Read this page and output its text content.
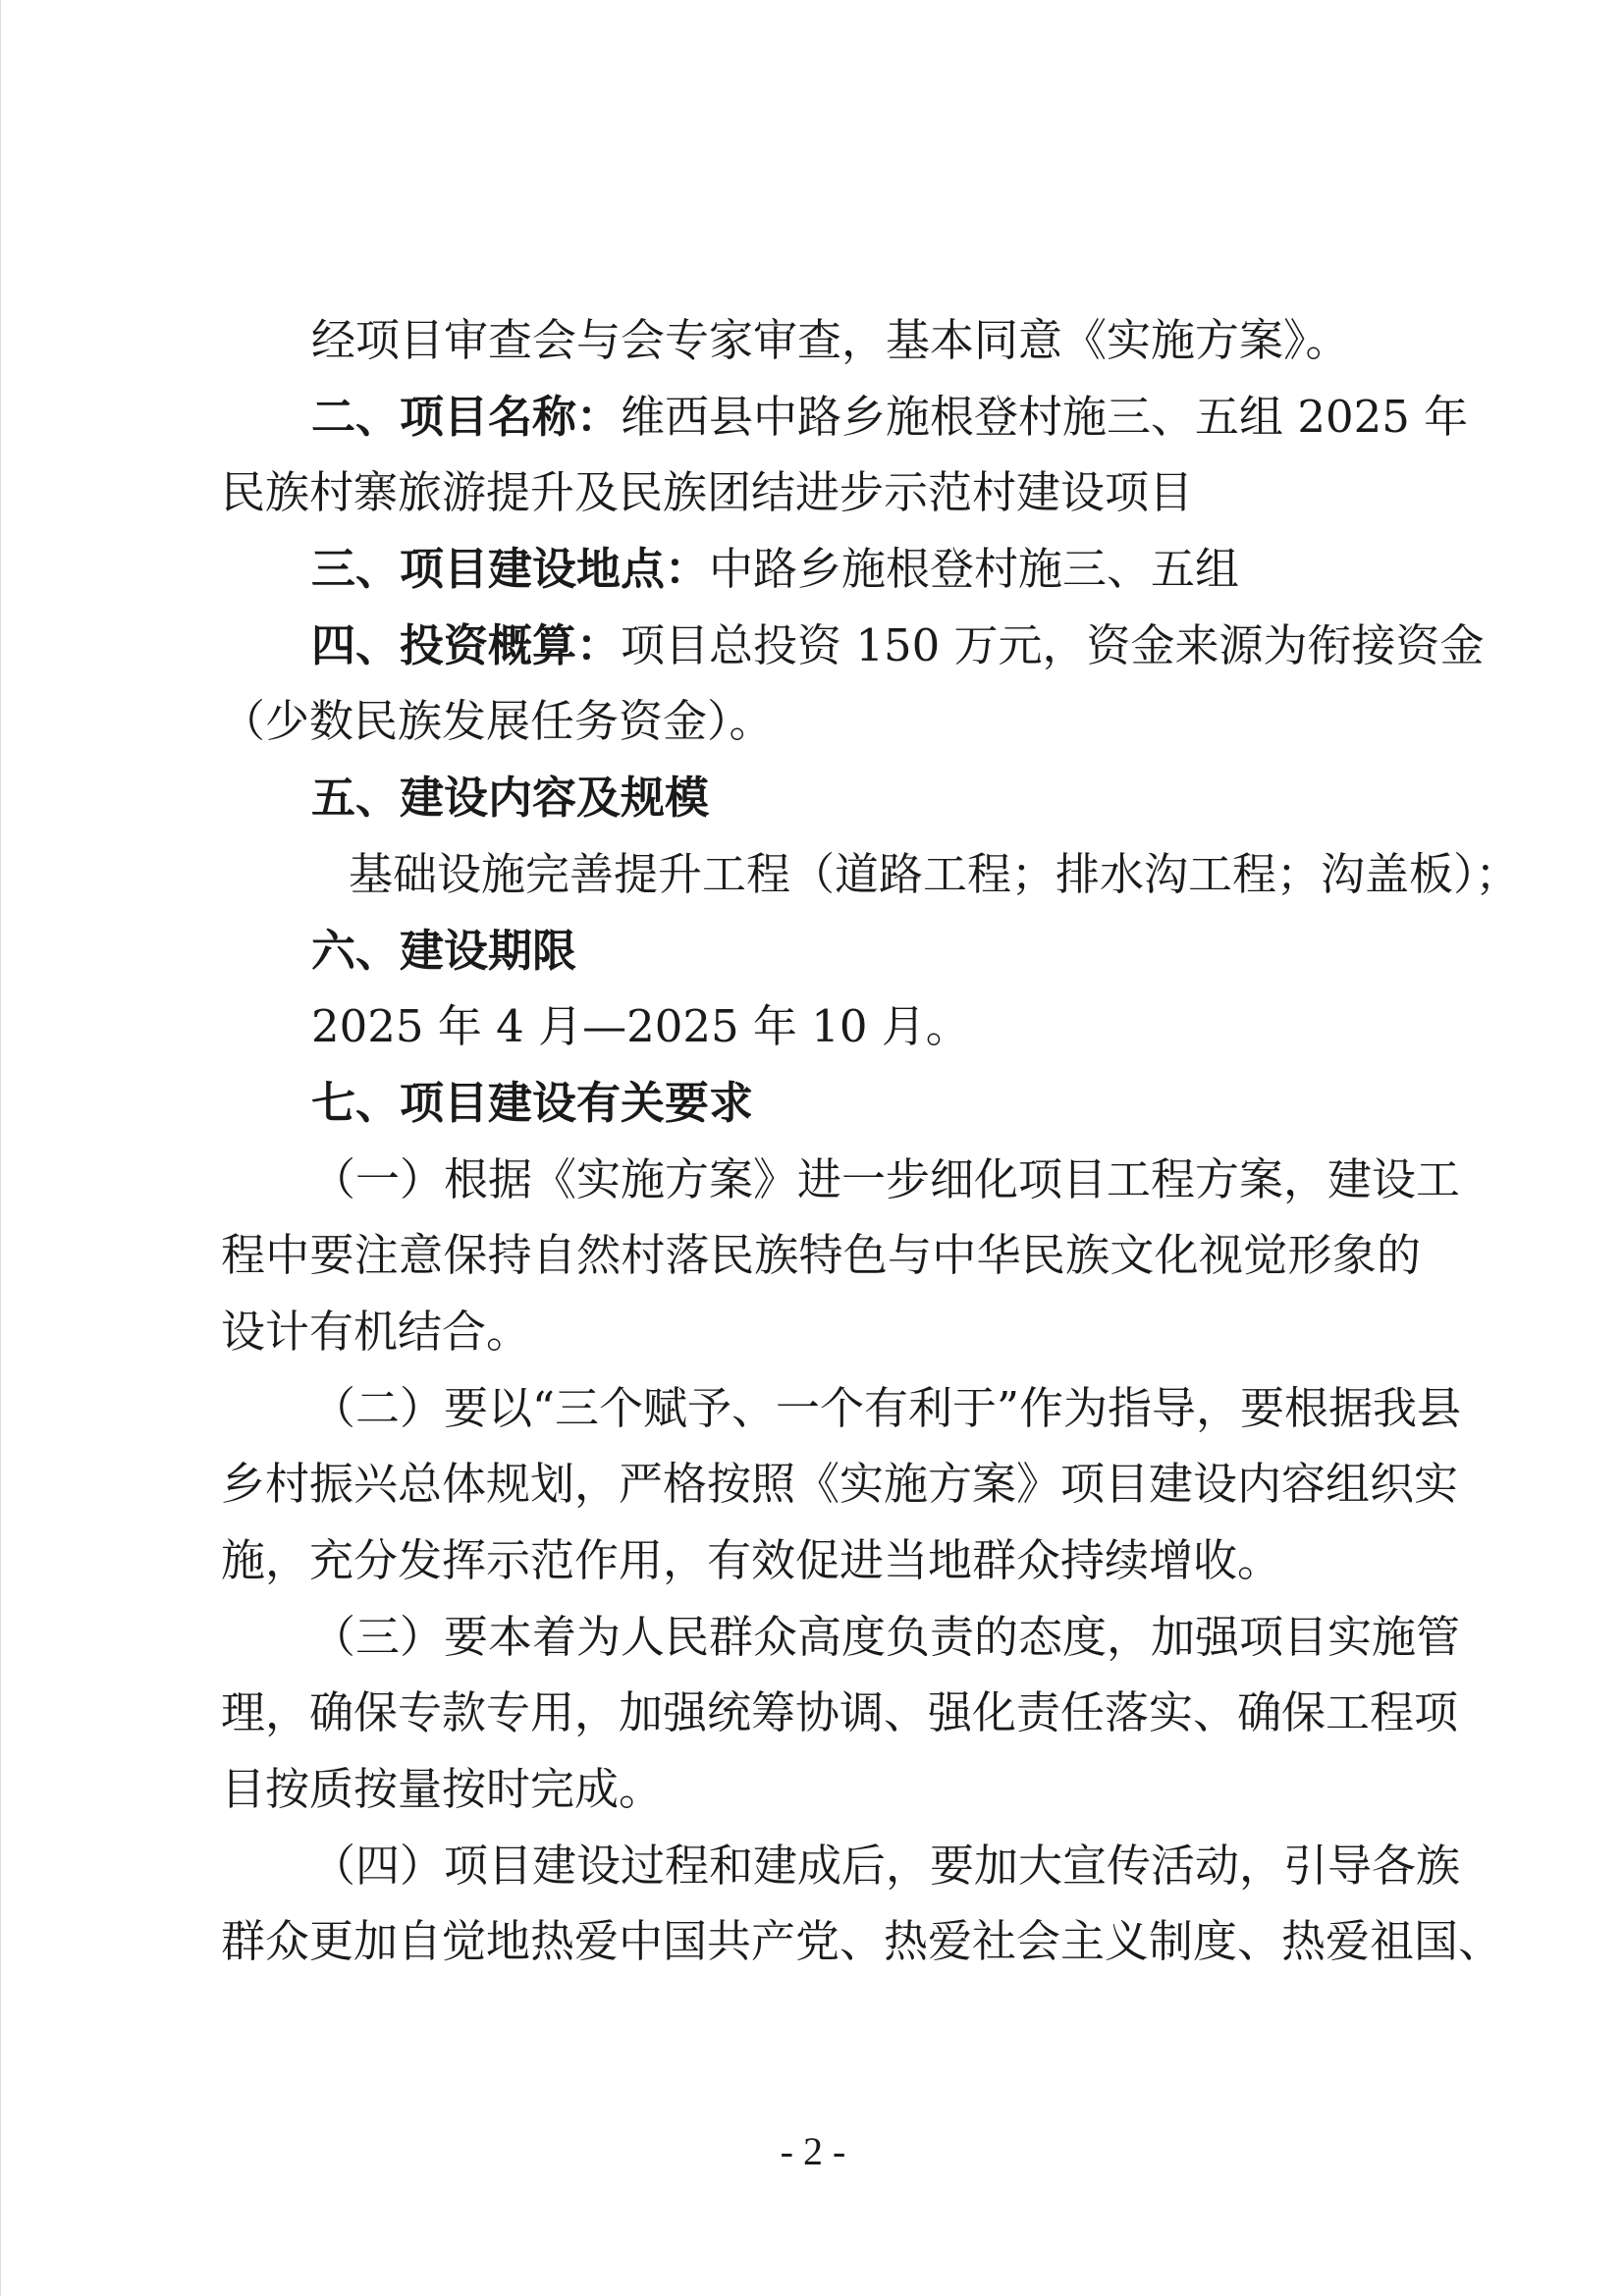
经项目审查会与会专家审查，基本同意《实施方案》。
二、项目名称：维西县中路乡施根登村施三、五组 2025 年
民族村寨旅游提升及民族团结进步示范村建设项目
三、项目建设地点：中路乡施根登村施三、五组
四、投资概算：项目总投资 150 万元，资金来源为衔接资金
（少数民族发展任务资金）。
五、建设内容及规模
基础设施完善提升工程（道路工程；排水沟工程；沟盖板）；
六、建设期限
2025 年 4 月—2025 年 10 月。
七、项目建设有关要求
（一）根据《实施方案》进一步细化项目工程方案，建设工
程中要注意保持自然村落民族特色与中华民族文化视觉形象的
设计有机结合。
（二）要以“三个赋予、一个有利于”作为指导，要根据我县
乡村振兴总体规划，严格按照《实施方案》项目建设内容组织实
施，充分发挥示范作用，有效促进当地群众持续增收。
（三）要本着为人民群众高度负责的态度，加强项目实施管
理，确保专款专用，加强统筹协调、强化责任落实、确保工程项
目按质按量按时完成。
（四）项目建设过程和建成后，要加大宣传活动，引导各族
群众更加自觉地热爱中国共产党、热爱社会主义制度、热爱祖国、
- 2 -
